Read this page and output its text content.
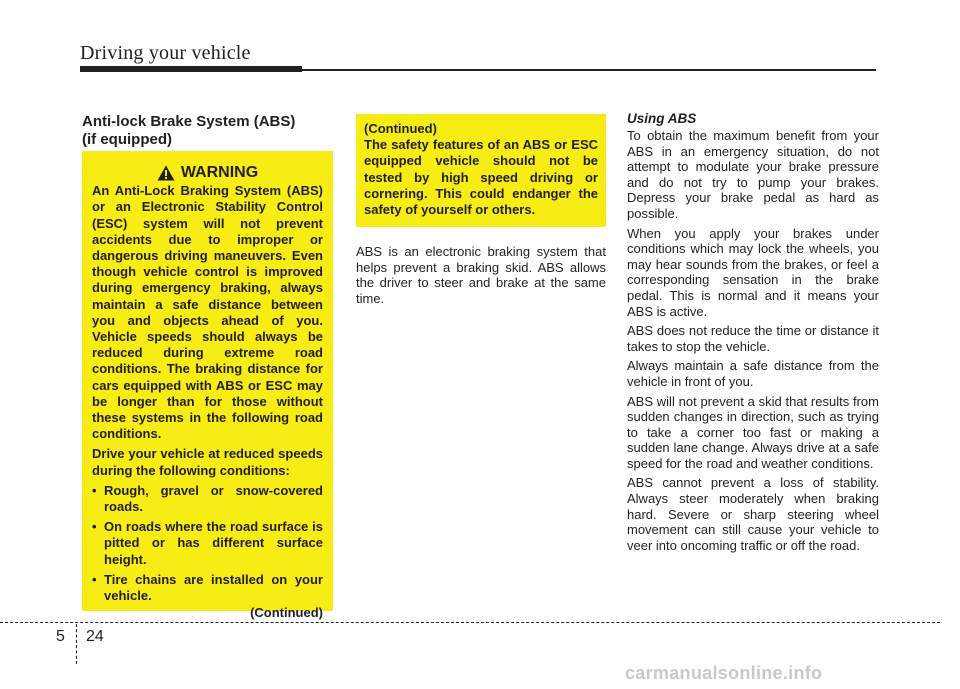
Driving your vehicle
Anti-lock Brake System (ABS)
(if equipped)
WARNING
An Anti-Lock Braking System (ABS) or an Electronic Stability Control (ESC) system will not prevent accidents due to improper or dangerous driving maneuvers. Even though vehicle control is improved during emergency braking, always maintain a safe distance between you and objects ahead of you. Vehicle speeds should always be reduced during extreme road conditions. The braking distance for cars equipped with ABS or ESC may be longer than for those without these systems in the following road conditions.
Drive your vehicle at reduced speeds during the following conditions:
• Rough, gravel or snow-covered roads.
• On roads where the road surface is pitted or has different surface height.
• Tire chains are installed on your vehicle.
(Continued)
(Continued)
The safety features of an ABS or ESC equipped vehicle should not be tested by high speed driving or cornering. This could endanger the safety of yourself or others.

ABS is an electronic braking system that helps prevent a braking skid. ABS allows the driver to steer and brake at the same time.

Using ABS

To obtain the maximum benefit from your ABS in an emergency situation, do not attempt to modulate your brake pressure and do not try to pump your brakes. Depress your brake pedal as hard as possible.

When you apply your brakes under conditions which may lock the wheels, you may hear sounds from the brakes, or feel a corresponding sensation in the brake pedal. This is normal and it means your ABS is active.

ABS does not reduce the time or distance it takes to stop the vehicle.

Always maintain a safe distance from the vehicle in front of you.

ABS will not prevent a skid that results from sudden changes in direction, such as trying to take a corner too fast or making a sudden lane change. Always drive at a safe speed for the road and weather conditions.

ABS cannot prevent a loss of stability. Always steer moderately when braking hard. Severe or sharp steering wheel movement can still cause your vehicle to veer into oncoming traffic or off the road.

5 24
carmanualsonline.info
